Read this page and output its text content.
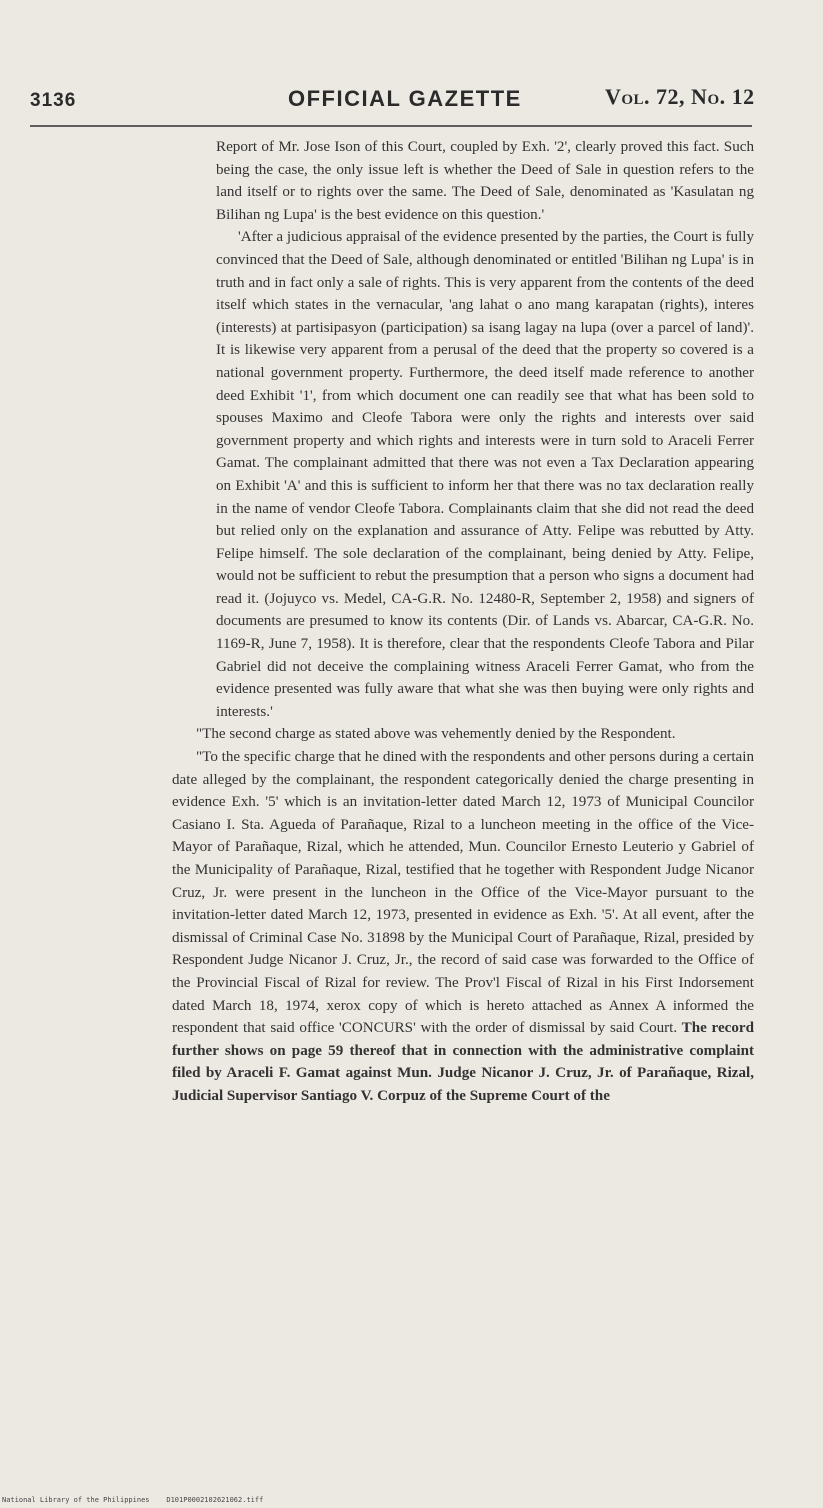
3136	OFFICIAL GAZETTE	Vol. 72, No. 12

Report of Mr. Jose Ison of this Court, coupled by Exh. '2', clearly proved this fact. Such being the case, the only issue left is whether the Deed of Sale in question refers to the land itself or to rights over the same. The Deed of Sale, denominated as 'Kasulatan ng Bilihan ng Lupa' is the best evidence on this question.'

'After a judicious appraisal of the evidence presented by the parties, the Court is fully convinced that the Deed of Sale, although denominated or entitled 'Bilihan ng Lupa' is in truth and in fact only a sale of rights. This is very apparent from the contents of the deed itself which states in the vernacular, 'ang lahat o ano mang karapatan (rights), interes (interests) at partisipasyon (participation) sa isang lagay na lupa (over a parcel of land)'. It is likewise very apparent from a perusal of the deed that the property so covered is a national government property. Furthermore, the deed itself made reference to another deed Exhibit '1', from which document one can readily see that what has been sold to spouses Maximo and Cleofe Tabora were only the rights and interests over said government property and which rights and interests were in turn sold to Araceli Ferrer Gamat. The complainant admitted that there was not even a Tax Declaration appearing on Exhibit 'A' and this is sufficient to inform her that there was no tax declaration really in the name of vendor Cleofe Tabora. Complainants claim that she did not read the deed but relied only on the explanation and assurance of Atty. Felipe was rebutted by Atty. Felipe himself. The sole declaration of the complainant, being denied by Atty. Felipe, would not be sufficient to rebut the presumption that a person who signs a document had read it. (Jojuyco vs. Medel, CA-G.R. No. 12480-R, September 2, 1958) and signers of documents are presumed to know its contents (Dir. of Lands vs. Abarcar, CA-G.R. No. 1169-R, June 7, 1958). It is therefore, clear that the respondents Cleofe Tabora and Pilar Gabriel did not deceive the complaining witness Araceli Ferrer Gamat, who from the evidence presented was fully aware that what she was then buying were only rights and interests.'

"The second charge as stated above was vehemently denied by the Respondent.

"To the specific charge that he dined with the respondents and other persons during a certain date alleged by the complainant, the respondent categorically denied the charge presenting in evidence Exh. '5' which is an invitation-letter dated March 12, 1973 of Municipal Councilor Casiano I. Sta. Agueda of Parañaque, Rizal to a luncheon meeting in the office of the Vice-Mayor of Parañaque, Rizal, which he attended, Mun. Councilor Ernesto Leuterio y Gabriel of the Municipality of Parañaque, Rizal, testified that he together with Respondent Judge Nicanor Cruz, Jr. were present in the luncheon in the Office of the Vice-Mayor pursuant to the invitation-letter dated March 12, 1973, presented in evidence as Exh. '5'. At all event, after the dismissal of Criminal Case No. 31898 by the Municipal Court of Parañaque, Rizal, presided by Respondent Judge Nicanor J. Cruz, Jr., the record of said case was forwarded to the Office of the Provincial Fiscal of Rizal for review. The Prov'l Fiscal of Rizal in his First Indorsement dated March 18, 1974, xerox copy of which is hereto attached as Annex A informed the respondent that said office 'CONCURS' with the order of dismissal by said Court. The record further shows on page 59 thereof that in connection with the administrative complaint filed by Araceli F. Gamat against Mun. Judge Nicanor J. Cruz, Jr. of Parañaque, Rizal, Judicial Supervisor Santiago V. Corpuz of the Supreme Court of the

National Library of the Philippines D101P0002102621062.tiff
